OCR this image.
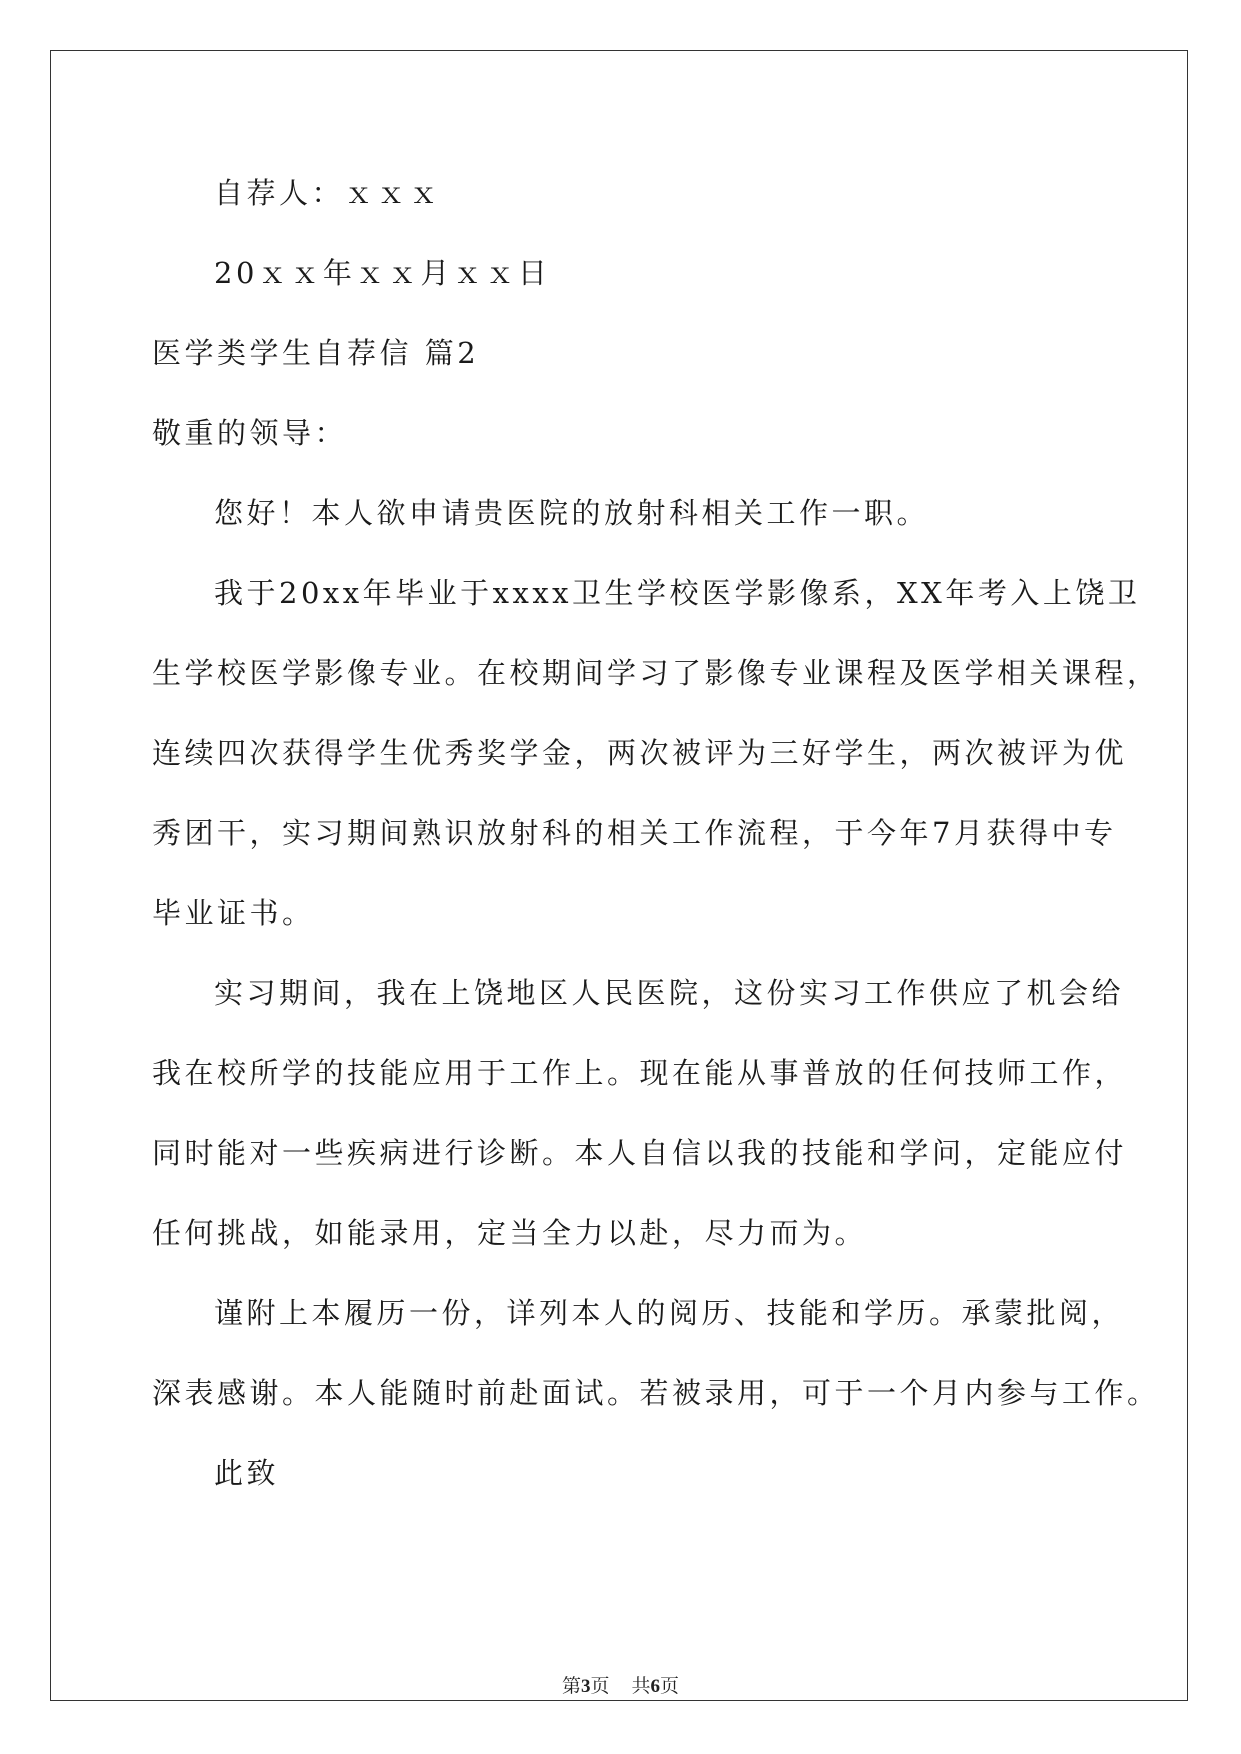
自荐人：ｘｘｘ
20ｘｘ年ｘｘ月ｘｘ日
医学类学生自荐信 篇2
敬重的领导：
您好！本人欲申请贵医院的放射科相关工作一职。
我于20xx年毕业于xxxx卫生学校医学影像系，XX年考入上饶卫
生学校医学影像专业。在校期间学习了影像专业课程及医学相关课程，
连续四次获得学生优秀奖学金，两次被评为三好学生，两次被评为优
秀团干，实习期间熟识放射科的相关工作流程，于今年7月获得中专
毕业证书。
实习期间，我在上饶地区人民医院，这份实习工作供应了机会给
我在校所学的技能应用于工作上。现在能从事普放的任何技师工作，
同时能对一些疾病进行诊断。本人自信以我的技能和学问，定能应付
任何挑战，如能录用，定当全力以赴，尽力而为。
谨附上本履历一份，详列本人的阅历、技能和学历。承蒙批阅，
深表感谢。本人能随时前赴面试。若被录用，可于一个月内参与工作。
此致
第3页 共6页
